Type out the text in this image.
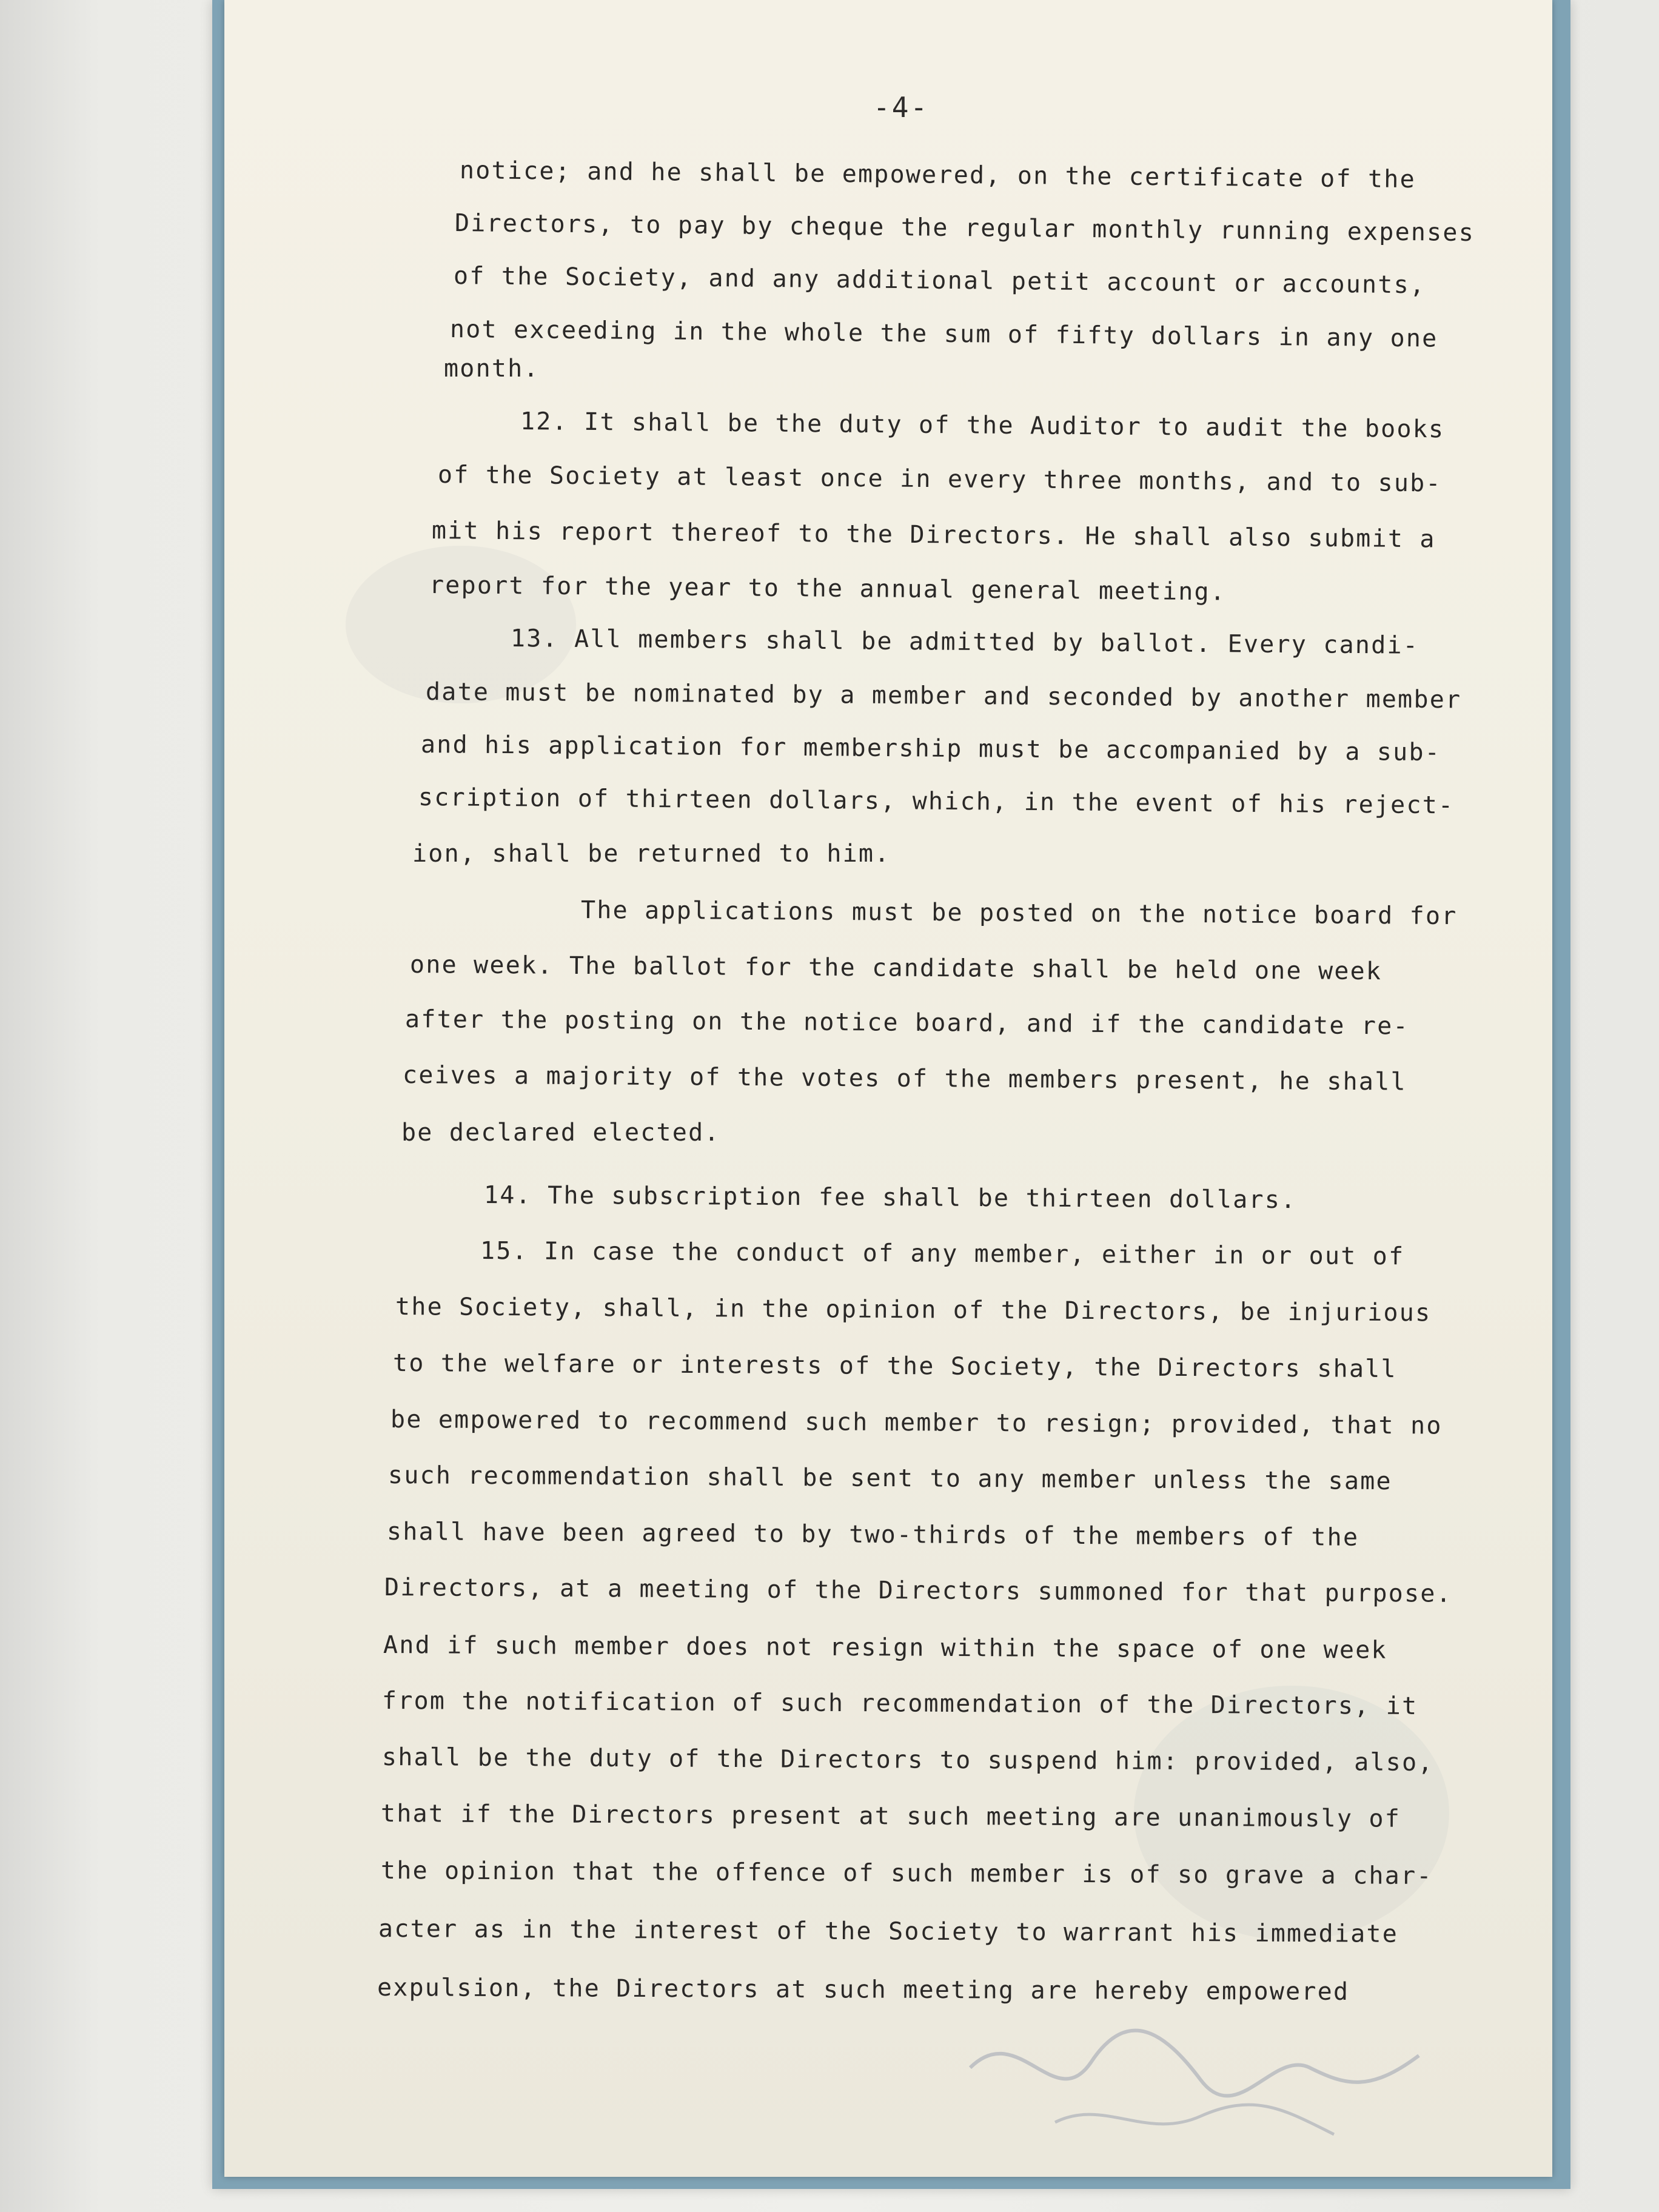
-4-
notice; and he shall be empowered, on the certificate of the
Directors, to pay by cheque the regular monthly running expenses
of the Society, and any additional petit account or accounts,
not exceeding in the whole the sum of fifty dollars in any one
month.
12. It shall be the duty of the Auditor to audit the books
of the Society at least once in every three months, and to sub-
mit his report thereof to the Directors. He shall also submit a
report for the year to the annual general meeting.
13. All members shall be admitted by ballot. Every candi-
date must be nominated by a member and seconded by another member
and his application for membership must be accompanied by a sub-
scription of thirteen dollars, which, in the event of his reject-
ion, shall be returned to him.
The applications must be posted on the notice board for
one week. The ballot for the candidate shall be held one week
after the posting on the notice board, and if the candidate re-
ceives a majority of the votes of the members present, he shall
be declared elected.
14. The subscription fee shall be thirteen dollars.
15. In case the conduct of any member, either in or out of
the Society, shall, in the opinion of the Directors, be injurious
to the welfare or interests of the Society, the Directors shall
be empowered to recommend such member to resign; provided, that no
such recommendation shall be sent to any member unless the same
shall have been agreed to by two-thirds of the members of the
Directors, at a meeting of the Directors summoned for that purpose.
And if such member does not resign within the space of one week
from the notification of such recommendation of the Directors, it
shall be the duty of the Directors to suspend him: provided, also,
that if the Directors present at such meeting are unanimously of
the opinion that the offence of such member is of so grave a char-
acter as in the interest of the Society to warrant his immediate
expulsion, the Directors at such meeting are hereby empowered
